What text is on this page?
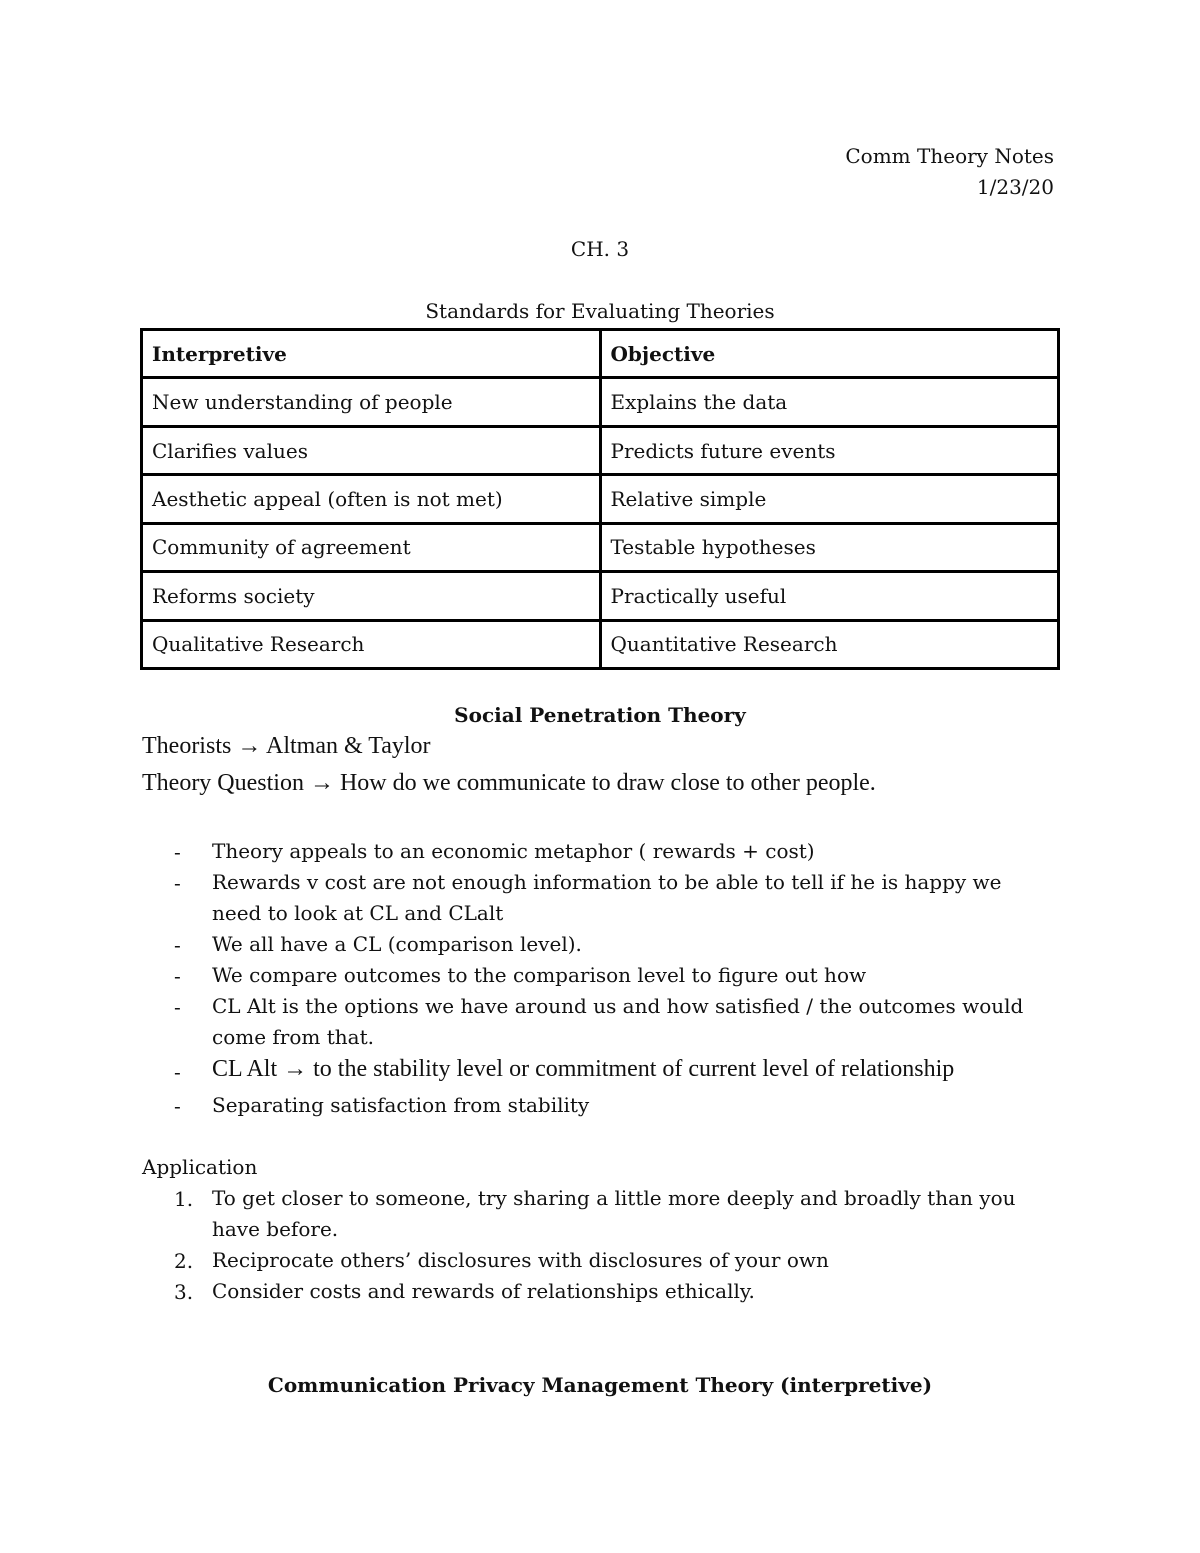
Comm Theory Notes
1/23/20
CH. 3
Standards for Evaluating Theories
Interpretive	Objective
New understanding of people	Explains the data
Clarifies values	Predicts future events
Aesthetic appeal (often is not met)	Relative simple
Community of agreement	Testable hypotheses
Reforms society	Practically useful
Qualitative Research	Quantitative Research
Social Penetration Theory
Theorists → Altman & Taylor
Theory Question → How do we communicate to draw close to other people.
- Theory appeals to an economic metaphor ( rewards + cost)
- Rewards v cost are not enough information to be able to tell if he is happy we need to look at CL and CLalt
- We all have a CL (comparison level).
- We compare outcomes to the comparison level to figure out how
- CL Alt is the options we have around us and how satisfied / the outcomes would come from that.
- CL Alt → to the stability level or commitment of current level of relationship
- Separating satisfaction from stability
Application
1. To get closer to someone, try sharing a little more deeply and broadly than you have before.
2. Reciprocate others’ disclosures with disclosures of your own
3. Consider costs and rewards of relationships ethically.
Communication Privacy Management Theory (interpretive)
